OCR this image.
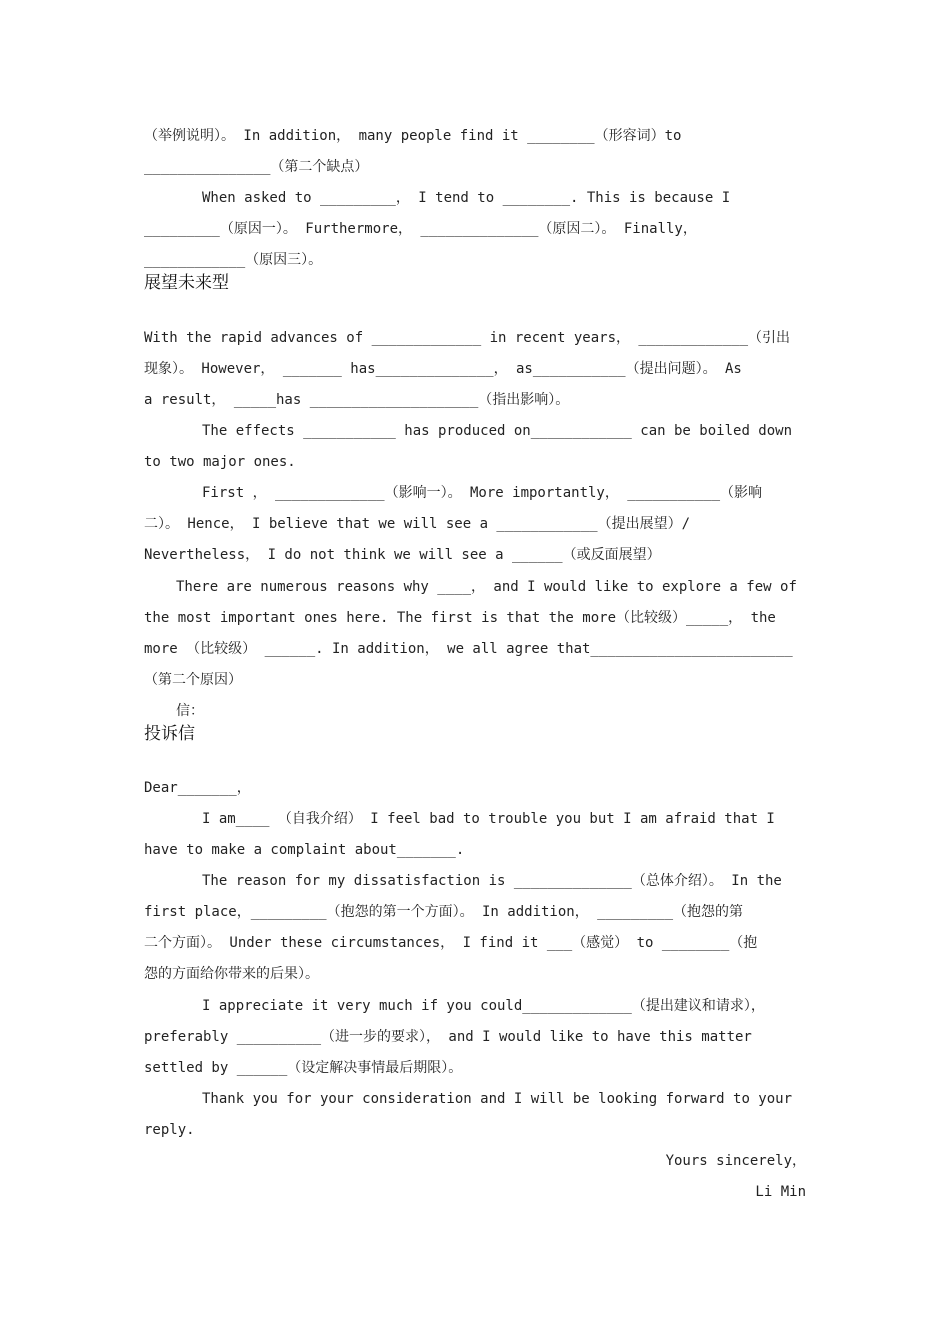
（举例说明）。 In addition， many people find it ________（形容词）to
_______________（第二个缺点）
When asked to _________， I tend to ________. This is because I
_________（原因一）。 Furthermore， ______________（原因二）。 Finally，
____________（原因三）。
展望未来型
With the rapid advances of _____________ in recent years， _____________（引出
现象）。 However， _______ has______________， as___________（提出问题）。 As
a result， _____has ____________________（指出影响）。
The effects ___________ has produced on____________ can be boiled down
to two major ones.
First ， _____________（影响一）。 More importantly， ___________（影响
二）。 Hence， I believe that we will see a ____________（提出展望）/
Nevertheless， I do not think we will see a ______（或反面展望）
There are numerous reasons why ____， and I would like to explore a few of
the most important ones here. The first is that the more（比较级）_____， the
more （比较级） ______. In addition， we all agree that________________________
（第二个原因）
信：
投诉信
Dear_______，
I am____ （自我介绍） I feel bad to trouble you but I am afraid that I
have to make a complaint about_______.
The reason for my dissatisfaction is ______________（总体介绍）。 In the
first place，_________（抱怨的第一个方面）。 In addition， _________（抱怨的第
二个方面）。 Under these circumstances， I find it ___（感觉） to ________（抱
怨的方面给你带来的后果）。
I appreciate it very much if you could_____________（提出建议和请求），
preferably __________（进一步的要求）， and I would like to have this matter
settled by ______（设定解决事情最后期限）。
Thank you for your consideration and I will be looking forward to your
reply.
Yours sincerely，
Li Min
